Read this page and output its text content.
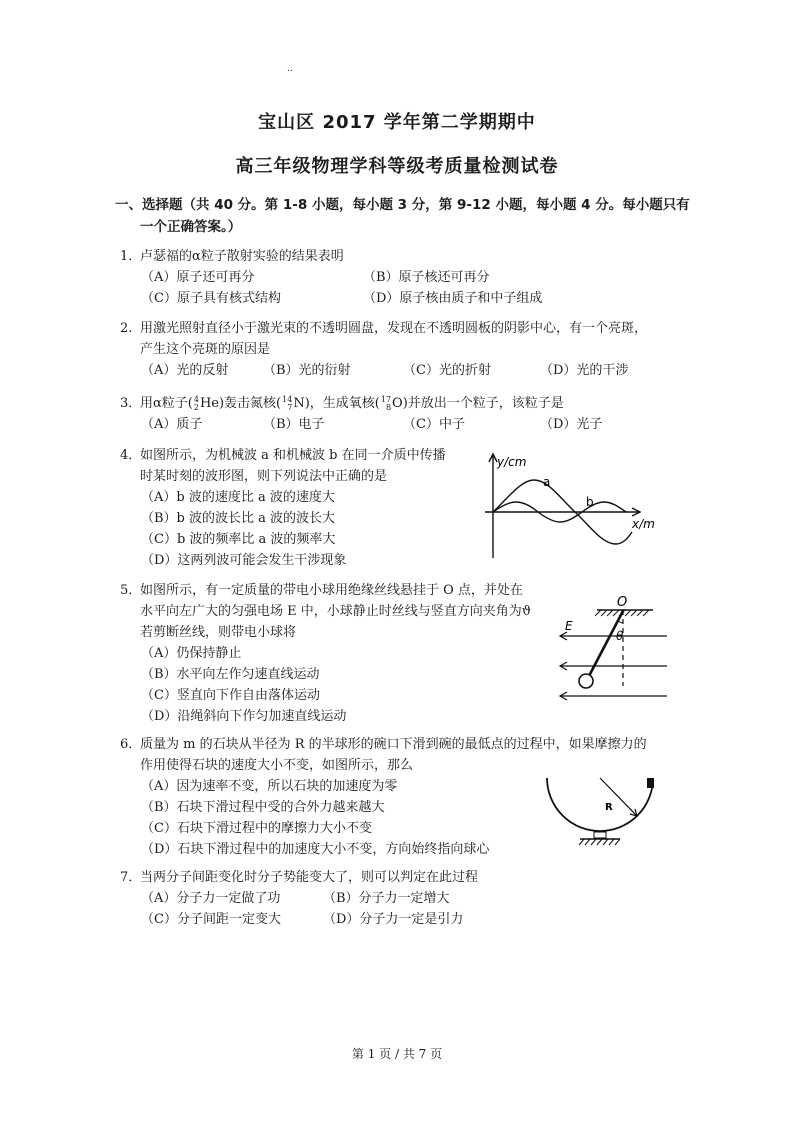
..
宝山区 2017 学年第二学期期中
高三年级物理学科等级考质量检测试卷
一、选择题（共 40 分。第 1-8 小题，每小题 3 分，第 9-12 小题，每小题 4 分。每小题只有
一个正确答案。）
1．
卢瑟福的α粒子散射实验的结果表明
（A）原子还可再分	（B）原子核还可再分
（C）原子具有核式结构	（D）原子核由质子和中子组成
2. 用激光照射直径小于激光束的不透明圆盘，发现在不透明圆板的阴影中心，有一个亮斑，
产生这个亮斑的原因是
（A）光的反射	（B）光的衍射	（C）光的折射	（D）光的干涉
3．
用α粒子( 4
2 He)轰击氮核( 14
7 N)，生成氧核( 17
8 O)并放出一个粒子，该粒子是
（A）质子	（B）电子	（C）中子	（D）光子
4．
如图所示，为机械波 a 和机械波 b 在同一介质中传播
时某时刻的波形图，则下列说法中正确的是
（A）b 波的速度比 a 波的速度大
（B）b 波的波长比 a 波的波长大
（C）b 波的频率比 a 波的频率大
（D）这两列波可能会发生干涉现象
y/cm
x/m
a
b
5．
如图所示，有一定质量的带电小球用绝缘丝线悬挂于 O 点，并处在
水平向左广大的匀强电场 E 中，小球静止时丝线与竖直方向夹角为ϑ
若剪断丝线，则带电小球将
（A）仍保持静止
（B）水平向左作匀速直线运动
（C）竖直向下作自由落体运动
（D）沿绳斜向下作匀加速直线运动
O
E
θ
6．
质量为 m 的石块从半径为 R 的半球形的碗口下滑到碗的最低点的过程中，如果摩擦力的
作用使得石块的速度大小不变，如图所示，那么
（A）因为速率不变，所以石块的加速度为零
（B）石块下滑过程中受的合外力越来越大
（C）石块下滑过程中的摩擦力大小不变
（D）石块下滑过程中的加速度大小不变，方向始终指向球心
R
7．
当两分子间距变化时分子势能变大了，则可以判定在此过程
（A）分子力一定做了功	（B）分子力一定增大
（C）分子间距一定变大	（D）分子力一定是引力
第 1 页 / 共 7 页
